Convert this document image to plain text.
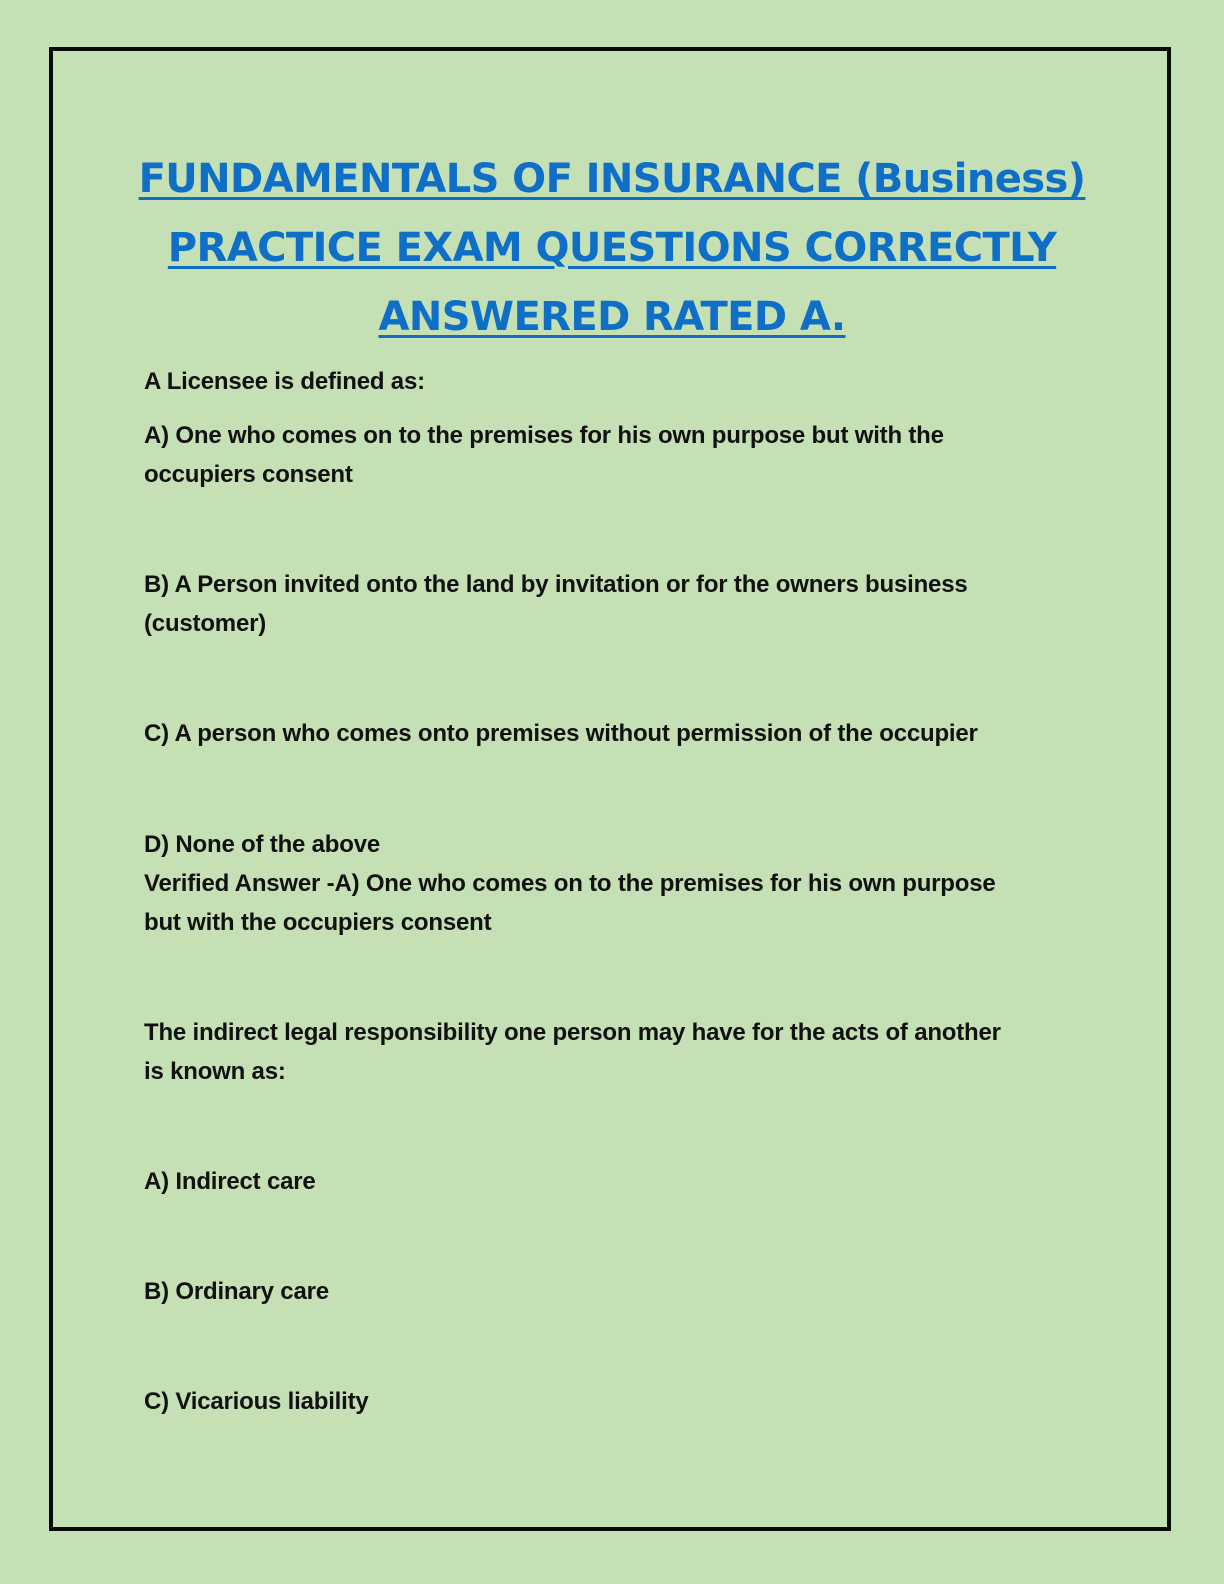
FUNDAMENTALS OF INSURANCE (Business)
PRACTICE EXAM QUESTIONS CORRECTLY
ANSWERED RATED A.
A Licensee is defined as:
A) One who comes on to the premises for his own purpose but with the
occupiers consent
B) A Person invited onto the land by invitation or for the owners business
(customer)
C) A person who comes onto premises without permission of the occupier
D) None of the above
Verified Answer -A) One who comes on to the premises for his own purpose
but with the occupiers consent
The indirect legal responsibility one person may have for the acts of another
is known as:
A) Indirect care
B) Ordinary care
C) Vicarious liability
